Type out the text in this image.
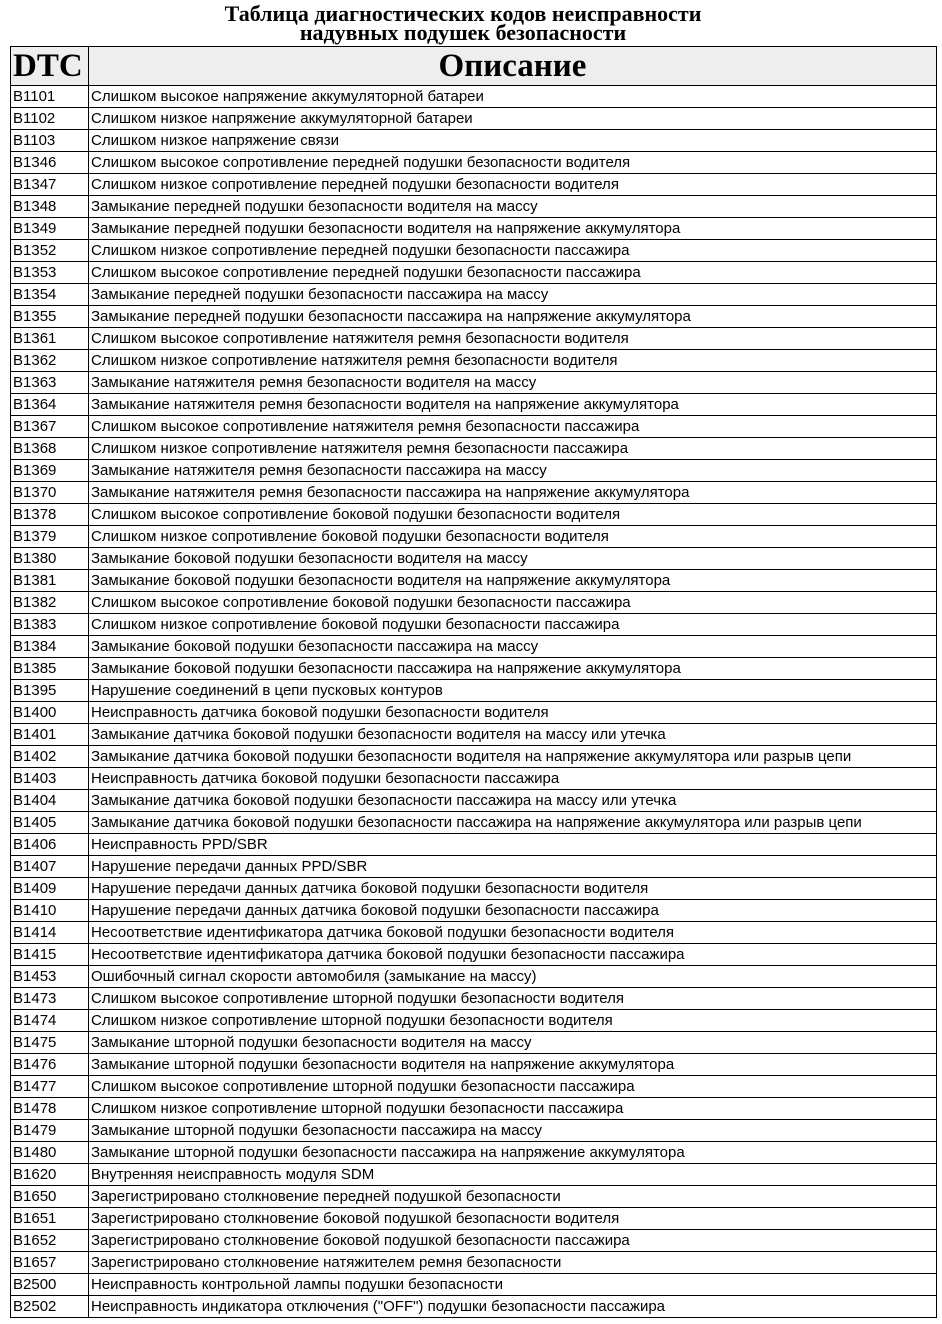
Таблица диагностических кодов неисправности
надувных подушек безопасности
DTC	Описание
B1101	Слишком высокое напряжение аккумуляторной батареи
B1102	Слишком низкое напряжение аккумуляторной батареи
B1103	Слишком низкое напряжение связи
B1346	Слишком высокое сопротивление передней подушки безопасности водителя
B1347	Слишком низкое сопротивление передней подушки безопасности водителя
B1348	Замыкание передней подушки безопасности водителя на массу
B1349	Замыкание передней подушки безопасности водителя на напряжение аккумулятора
B1352	Слишком низкое сопротивление передней подушки безопасности пассажира
B1353	Слишком высокое сопротивление передней подушки безопасности пассажира
B1354	Замыкание передней подушки безопасности пассажира на массу
B1355	Замыкание передней подушки безопасности пассажира на напряжение аккумулятора
B1361	Слишком высокое сопротивление натяжителя ремня безопасности водителя
B1362	Слишком низкое сопротивление натяжителя ремня безопасности водителя
B1363	Замыкание натяжителя ремня безопасности водителя на массу
B1364	Замыкание натяжителя ремня безопасности водителя на напряжение аккумулятора
B1367	Слишком высокое сопротивление натяжителя ремня безопасности пассажира
B1368	Слишком низкое сопротивление натяжителя ремня безопасности пассажира
B1369	Замыкание натяжителя ремня безопасности пассажира на массу
B1370	Замыкание натяжителя ремня безопасности пассажира на напряжение аккумулятора
B1378	Слишком высокое сопротивление боковой подушки безопасности водителя
B1379	Слишком низкое сопротивление боковой подушки безопасности водителя
B1380	Замыкание боковой подушки безопасности водителя на массу
B1381	Замыкание боковой подушки безопасности водителя на напряжение аккумулятора
B1382	Слишком высокое сопротивление боковой подушки безопасности пассажира
B1383	Слишком низкое сопротивление боковой подушки безопасности пассажира
B1384	Замыкание боковой подушки безопасности пассажира на массу
B1385	Замыкание боковой подушки безопасности пассажира на напряжение аккумулятора
B1395	Нарушение соединений в цепи пусковых контуров
B1400	Неисправность датчика боковой подушки безопасности водителя
B1401	Замыкание датчика боковой подушки безопасности водителя на массу или утечка
B1402	Замыкание датчика боковой подушки безопасности водителя на напряжение аккумулятора или разрыв цепи
B1403	Неисправность датчика боковой подушки безопасности пассажира
B1404	Замыкание датчика боковой подушки безопасности пассажира на массу или утечка
B1405	Замыкание датчика боковой подушки безопасности пассажира на напряжение аккумулятора или разрыв цепи
B1406	Неисправность PPD/SBR
B1407	Нарушение передачи данных PPD/SBR
B1409	Нарушение передачи данных датчика боковой подушки безопасности водителя
B1410	Нарушение передачи данных датчика боковой подушки безопасности пассажира
B1414	Несоответствие идентификатора датчика боковой подушки безопасности водителя
B1415	Несоответствие идентификатора датчика боковой подушки безопасности пассажира
B1453	Ошибочный сигнал скорости автомобиля (замыкание на массу)
B1473	Слишком высокое сопротивление шторной подушки безопасности водителя
B1474	Слишком низкое сопротивление шторной подушки безопасности водителя
B1475	Замыкание шторной подушки безопасности водителя на массу
B1476	Замыкание шторной подушки безопасности водителя на напряжение аккумулятора
B1477	Слишком высокое сопротивление шторной подушки безопасности пассажира
B1478	Слишком низкое сопротивление шторной подушки безопасности пассажира
B1479	Замыкание шторной подушки безопасности пассажира на массу
B1480	Замыкание шторной подушки безопасности пассажира на напряжение аккумулятора
B1620	Внутренняя неисправность модуля SDM
B1650	Зарегистрировано столкновение передней подушкой безопасности
B1651	Зарегистрировано столкновение боковой подушкой безопасности водителя
B1652	Зарегистрировано столкновение боковой подушкой безопасности пассажира
B1657	Зарегистрировано столкновение натяжителем ремня безопасности
B2500	Неисправность контрольной лампы подушки безопасности
B2502	Неисправность индикатора отключения ("OFF") подушки безопасности пассажира
